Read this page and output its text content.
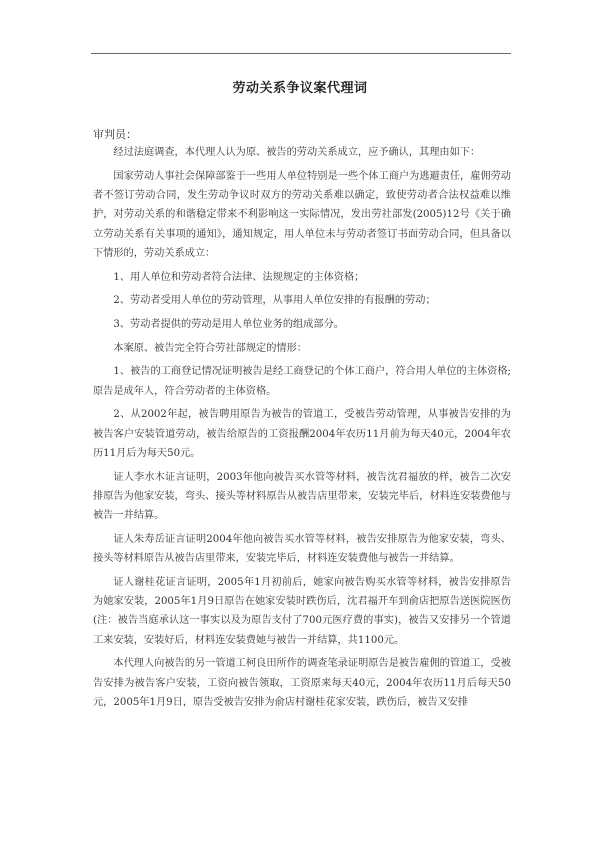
劳动关系争议案代理词
审判员：

经过法庭调查，本代理人认为原、被告的劳动关系成立，应予确认，其理由如下：

国家劳动人事社会保障部鉴于一些用人单位特别是一些个体工商户为逃避责任，雇佣劳动者不签订劳动合同，发生劳动争议时双方的劳动关系难以确定，致使劳动者合法权益难以维护，对劳动关系的和谐稳定带来不利影响这一实际情况，发出劳社部发(2005)12号《关于确立劳动关系有关事项的通知》，通知规定，用人单位未与劳动者签订书面劳动合同，但具备以下情形的，劳动关系成立：

1、用人单位和劳动者符合法律、法规规定的主体资格；

2、劳动者受用人单位的劳动管理，从事用人单位安排的有报酬的劳动；

3、劳动者提供的劳动是用人单位业务的组成部分。

本案原、被告完全符合劳社部规定的情形：

1、被告的工商登记情况证明被告是经工商登记的个体工商户，符合用人单位的主体资格;原告是成年人，符合劳动者的主体资格。

2、从2002年起，被告聘用原告为被告的管道工，受被告劳动管理，从事被告安排的为被告客户安装管道劳动，被告给原告的工资报酬2004年农历11月前为每天40元，2004年农历11月后为每天50元。

证人李水木证言证明，2003年他向被告买水管等材料，被告沈君福放的样，被告二次安排原告为他家安装，弯头、接头等材料原告从被告店里带来，安装完毕后，材料连安装费他与被告一并结算。

证人朱寿岳证言证明2004年他向被告买水管等材料，被告安排原告为他家安装，弯头、接头等材料原告从被告店里带来，安装完毕后，材料连安装费他与被告一并结算。

证人谢桂花证言证明，2005年1月初前后，她家向被告购买水管等材料，被告安排原告为她家安装，2005年1月9日原告在她家安装时跌伤后，沈君福开车到俞店把原告送医院医伤(注：被告当庭承认这一事实以及为原告支付了700元医疗费的事实)，被告又安排另一个管道工来安装，安装好后，材料连安装费她与被告一并结算，共1100元。

本代理人向被告的另一管道工柯良田所作的调查笔录证明原告是被告雇佣的管道工，受被告安排为被告客户安装，工资向被告领取，工资原来每天40元，2004年农历11月后每天50元，2005年1月9日，原告受被告安排为俞店村谢桂花家安装，跌伤后，被告又安排
